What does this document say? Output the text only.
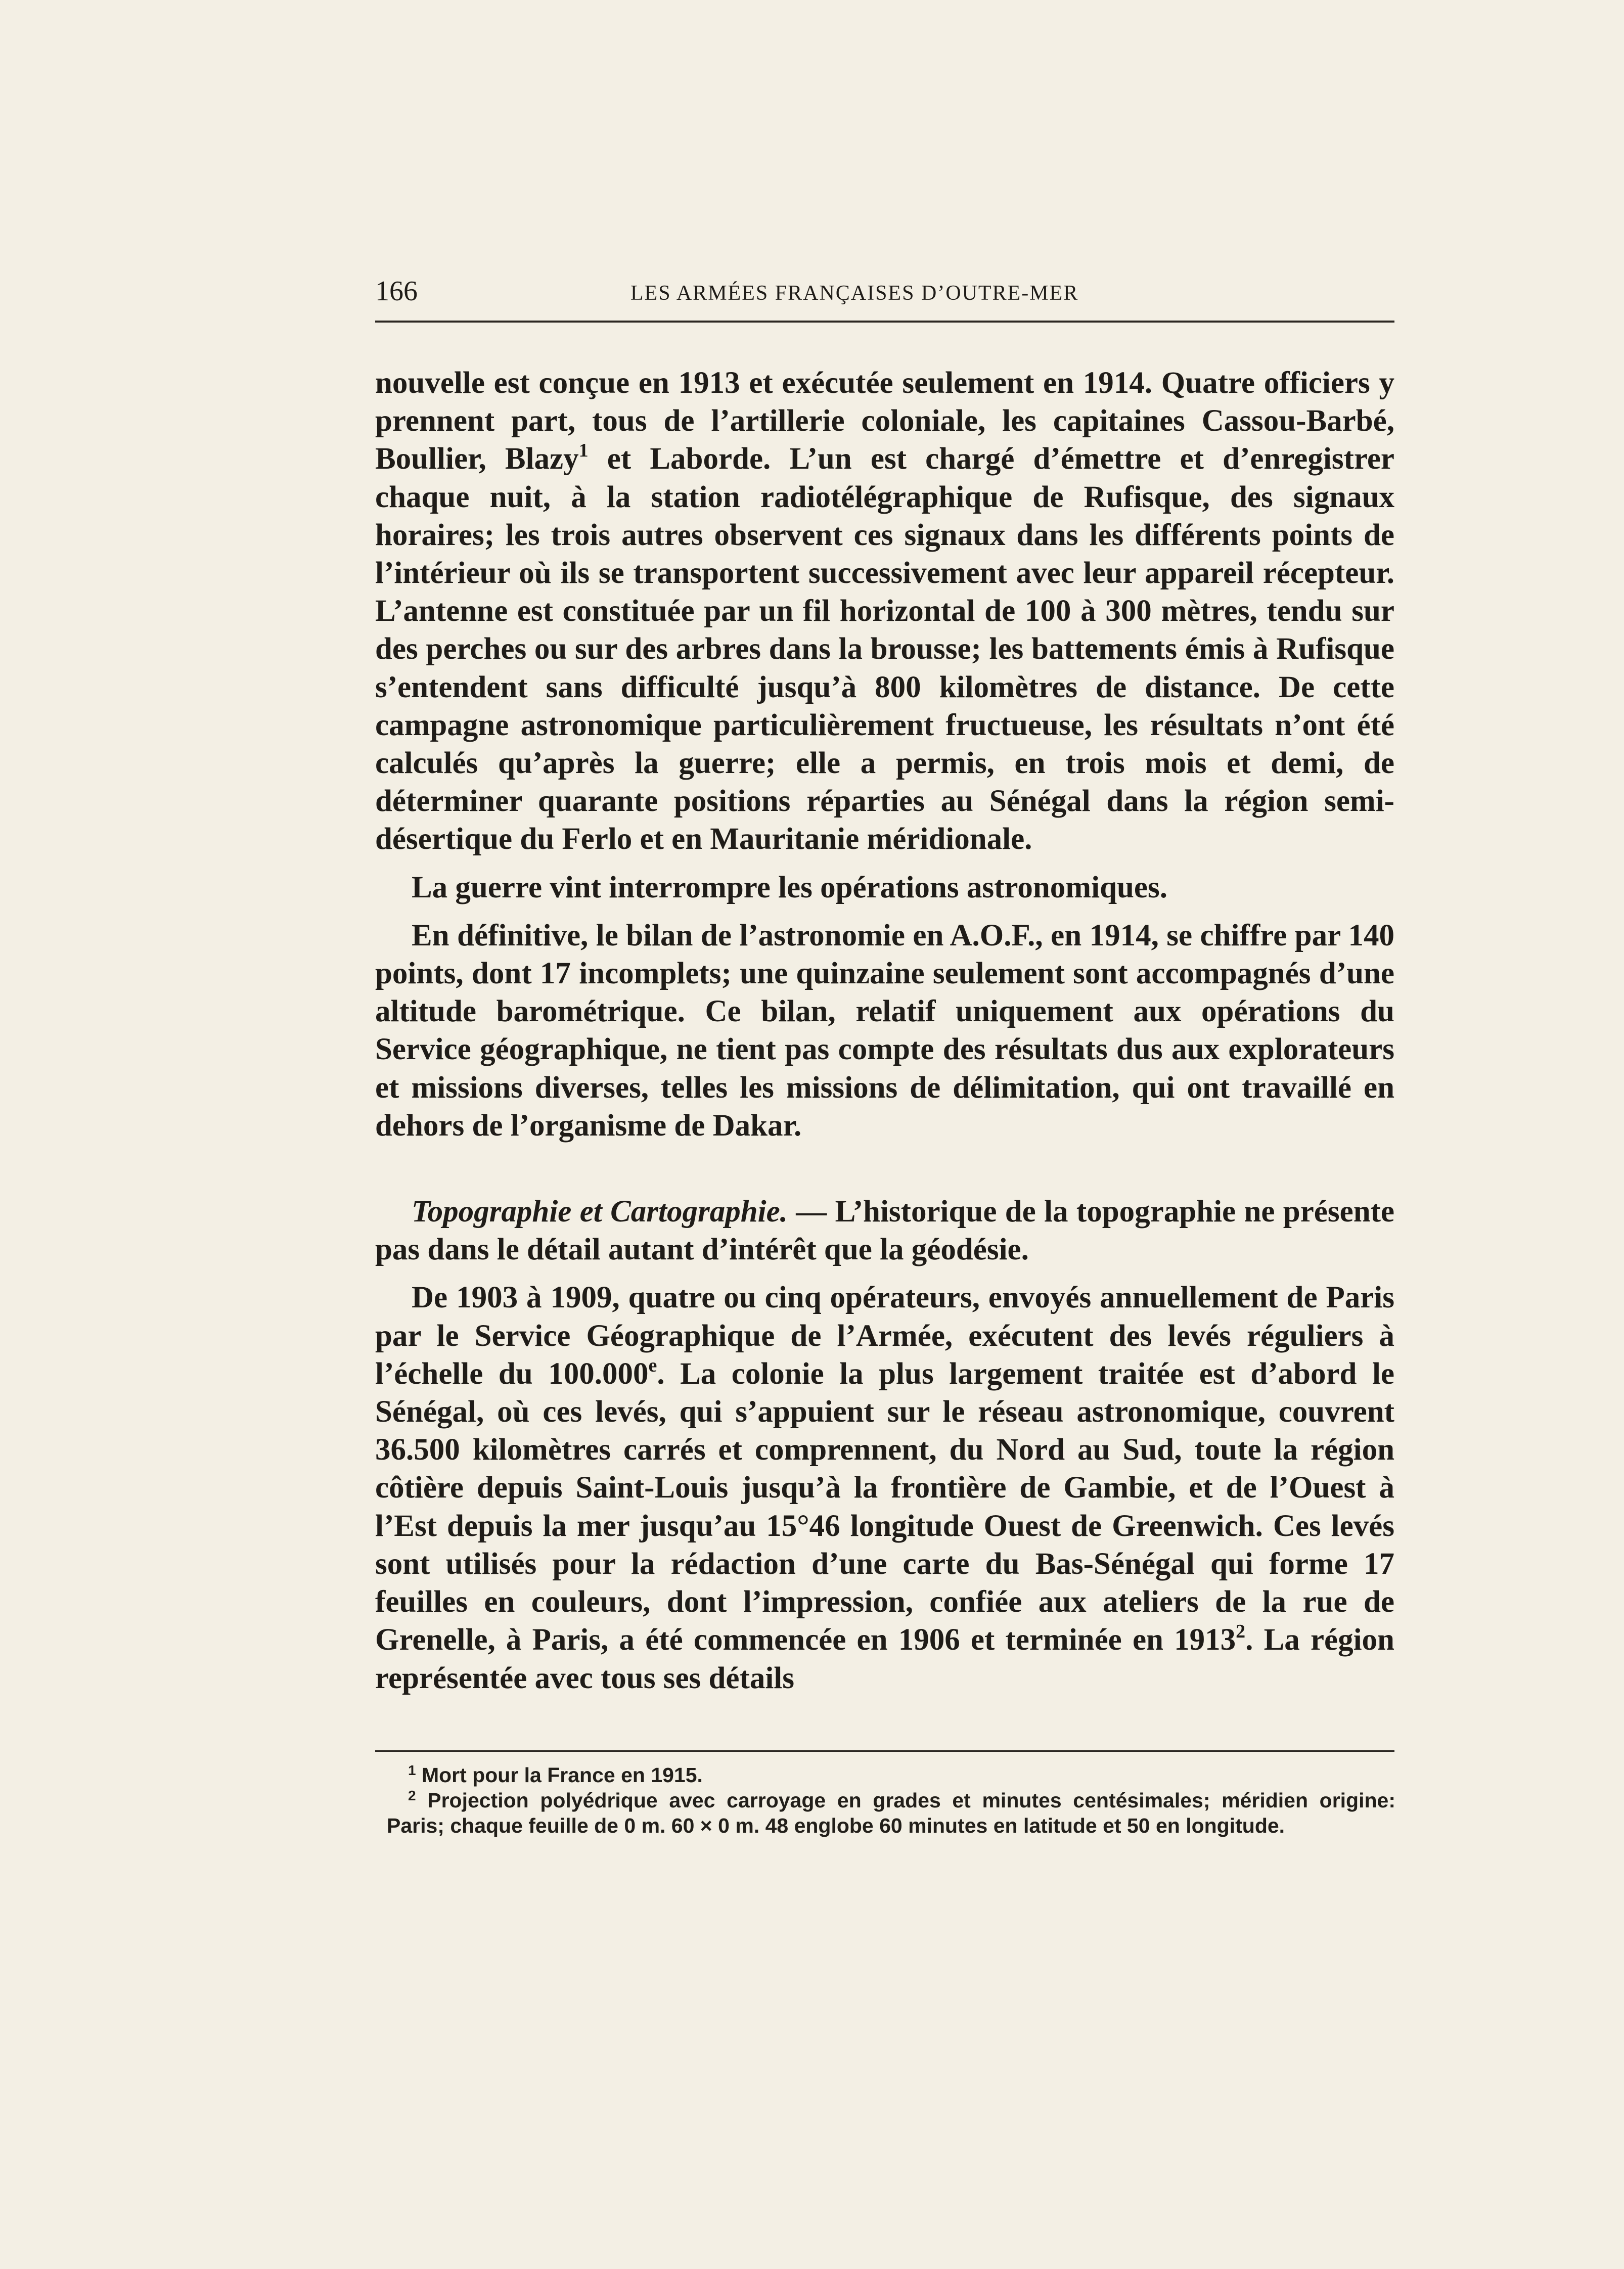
166	LES ARMÉES FRANÇAISES D’OUTRE-MER

nouvelle est conçue en 1913 et exécutée seulement en 1914. Quatre officiers y prennent part, tous de l’artillerie coloniale, les capitaines Cassou-Barbé, Boullier, Blazy$^1$ et Laborde. L’un est chargé d’émettre et d’enregistrer chaque nuit, à la station radiotélégraphique de Rufisque, des signaux horaires; les trois autres observent ces signaux dans les différents points de l’intérieur où ils se transportent successivement avec leur appareil récepteur. L’antenne est constituée par un fil horizontal de 100 à 300 mètres, tendu sur des perches ou sur des arbres dans la brousse; les battements émis à Rufisque s’entendent sans difficulté jusqu’à 800 kilomètres de distance. De cette campagne astronomique particulièrement fructueuse, les résultats n’ont été calculés qu’après la guerre; elle a permis, en trois mois et demi, de déterminer quarante positions réparties au Sénégal dans la région semi-désertique du Ferlo et en Mauritanie méridionale.

La guerre vint interrompre les opérations astronomiques.

En définitive, le bilan de l’astronomie en A.O.F., en 1914, se chiffre par 140 points, dont 17 incomplets; une quinzaine seulement sont accompagnés d’une altitude barométrique. Ce bilan, relatif uniquement aux opérations du Service géographique, ne tient pas compte des résultats dus aux explorateurs et missions diverses, telles les missions de délimitation, qui ont travaillé en dehors de l’organisme de Dakar.

Topographie et Cartographie. — L’historique de la topographie ne présente pas dans le détail autant d’intérêt que la géodésie.

De 1903 à 1909, quatre ou cinq opérateurs, envoyés annuellement de Paris par le Service Géographique de l’Armée, exécutent des levés réguliers à l’échelle du 100.000e. La colonie la plus largement traitée est d’abord le Sénégal, où ces levés, qui s’appuient sur le réseau astronomique, couvrent 36.500 kilomètres carrés et comprennent, du Nord au Sud, toute la région côtière depuis Saint-Louis jusqu’à la frontière de Gambie, et de l’Ouest à l’Est depuis la mer jusqu’au 15°46 longitude Ouest de Greenwich. Ces levés sont utilisés pour la rédaction d’une carte du Bas-Sénégal qui forme 17 feuilles en couleurs, dont l’impression, confiée aux ateliers de la rue de Grenelle, à Paris, a été commencée en 1906 et terminée en 1913$^2$. La région représentée avec tous ses détails

$^1$ Mort pour la France en 1915.

$^2$ Projection polyédrique avec carroyage en grades et minutes centésimales; méridien origine: Paris; chaque feuille de 0 m. 60 × 0 m. 48 englobe 60 minutes en latitude et 50 en longitude.
